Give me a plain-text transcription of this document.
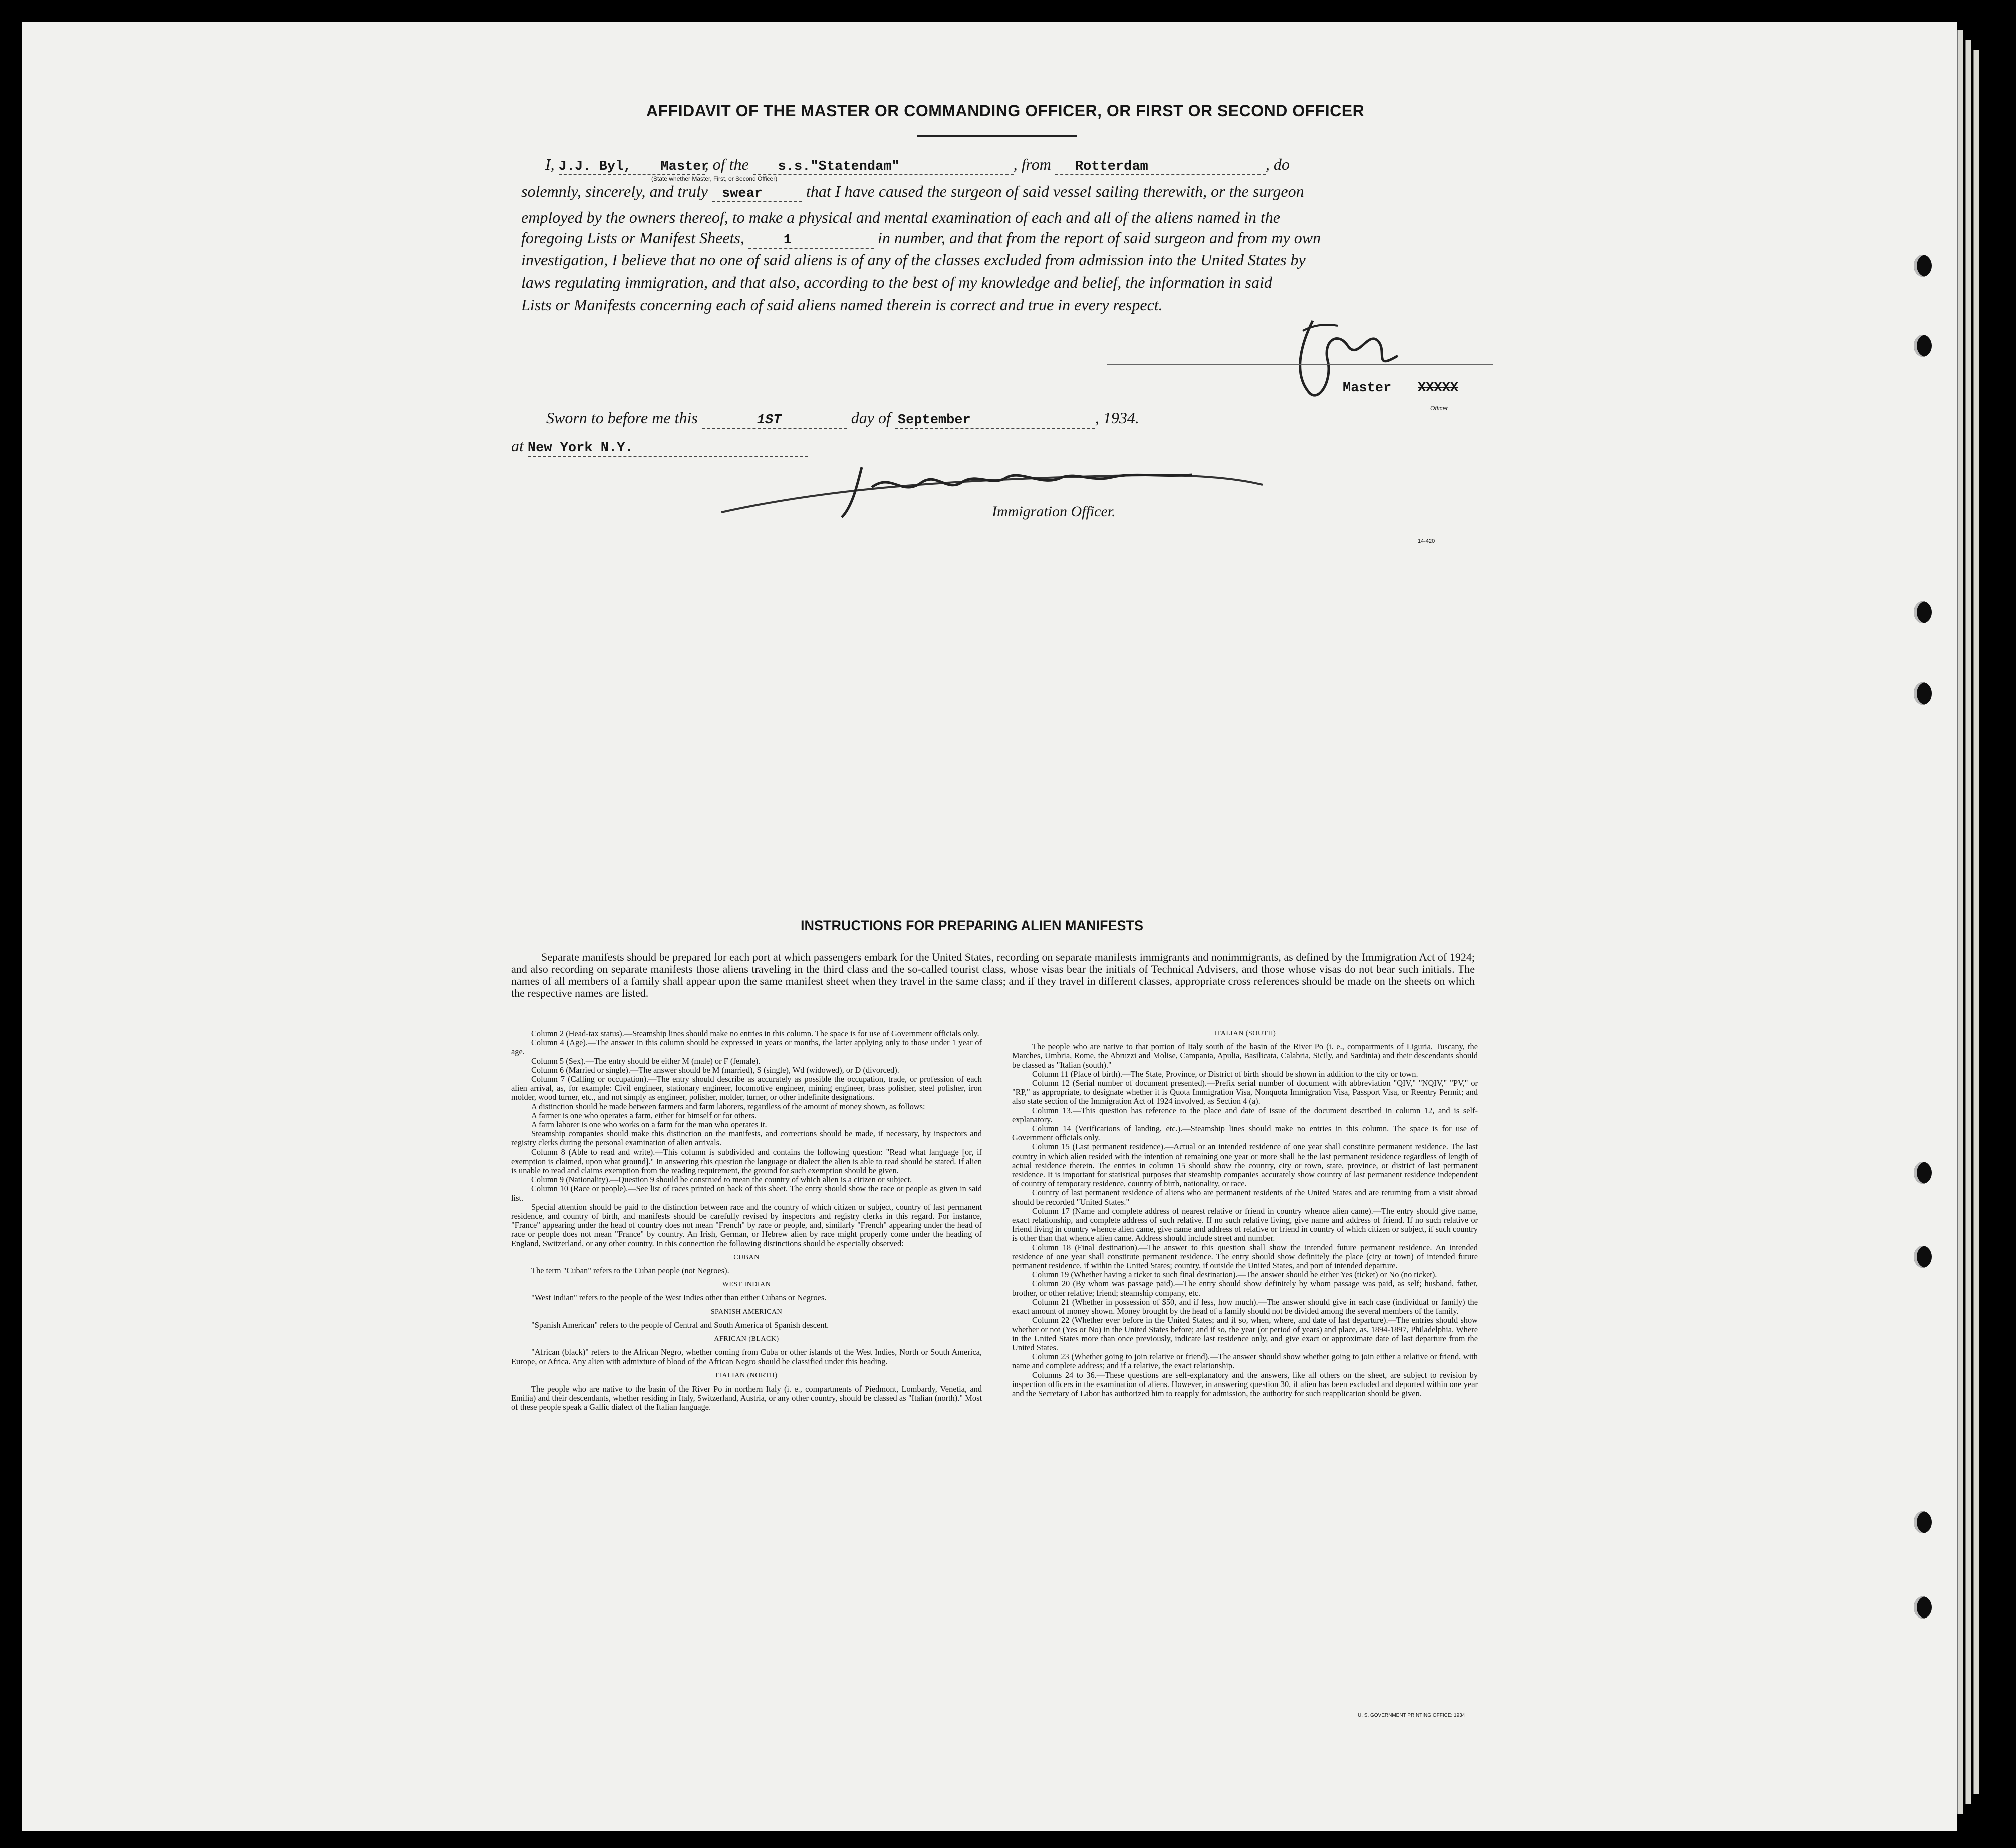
AFFIDAVIT OF THE MASTER OR COMMANDING OFFICER, OR FIRST OR SECOND OFFICER
I, J.J. Byl, Master, of the s.s."Statendam"	, from Rotterdam	, do
(State whether Master, First, or Second Officer)
solemnly, sincerely, and truly swear	that I have caused the surgeon of said vessel sailing therewith, or the surgeon
employed by the owners thereof, to make a physical and mental examination of each and all of the aliens named in the
foregoing Lists or Manifest Sheets,	1	in number, and that from the report of said surgeon and from my own
investigation, I believe that no one of said aliens is of any of the classes excluded from admission into the United States by
laws regulating immigration, and that also, according to the best of my knowledge and belief, the information in said
Lists or Manifests concerning each of said aliens named therein is correct and true in every respect.
Master XXXXX
Officer
Sworn to before me this	1ST	day of September	, 1934.
at New York N.Y.
Immigration Officer.
14-420
INSTRUCTIONS FOR PREPARING ALIEN MANIFESTS
Separate manifests should be prepared for each port at which passengers embark for the United States, recording on separate manifests immigrants and nonimmigrants, as defined by the Immigration Act of 1924; and also recording on separate manifests those aliens traveling in the third class and the so-called tourist class, whose visas bear the initials of Technical Advisers, and those whose visas do not bear such initials. The names of all members of a family shall appear upon the same manifest sheet when they travel in the same class; and if they travel in different classes, appropriate cross references should be made on the sheets on which the respective names are listed.

Column 2 (Head-tax status).—Steamship lines should make no entries in this column. The space is for use of Government officials only.

Column 4 (Age).—The answer in this column should be expressed in years or months, the latter applying only to those under 1 year of age.

Column 5 (Sex).—The entry should be either M (male) or F (female).

Column 6 (Married or single).—The answer should be M (married), S (single), Wd (widowed), or D (divorced).

Column 7 (Calling or occupation).—The entry should describe as accurately as possible the occupation, trade, or profession of each alien arrival, as, for example: Civil engineer, stationary engineer, locomotive engineer, mining engineer, brass polisher, steel polisher, iron molder, wood turner, etc., and not simply as engineer, polisher, molder, turner, or other indefinite designations.

A distinction should be made between farmers and farm laborers, regardless of the amount of money shown, as follows:

A farmer is one who operates a farm, either for himself or for others.

A farm laborer is one who works on a farm for the man who operates it.

Steamship companies should make this distinction on the manifests, and corrections should be made, if necessary, by inspectors and registry clerks during the personal examination of alien arrivals.

Column 8 (Able to read and write).—This column is subdivided and contains the following question: "Read what language [or, if exemption is claimed, upon what ground]." In answering this question the language or dialect the alien is able to read should be stated. If alien is unable to read and claims exemption from the reading requirement, the ground for such exemption should be given.

Column 9 (Nationality).—Question 9 should be construed to mean the country of which alien is a citizen or subject.

Column 10 (Race or people).—See list of races printed on back of this sheet. The entry should show the race or people as given in said list.

Special attention should be paid to the distinction between race and the country of which citizen or subject, country of last permanent residence, and country of birth, and manifests should be carefully revised by inspectors and registry clerks in this regard. For instance, "France" appearing under the head of country does not mean "French" by race or people, and, similarly "French" appearing under the head of race or people does not mean "France" by country. An Irish, German, or Hebrew alien by race might properly come under the heading of England, Switzerland, or any other country. In this connection the following distinctions should be especially observed:

CUBAN

The term "Cuban" refers to the Cuban people (not Negroes).

WEST INDIAN

"West Indian" refers to the people of the West Indies other than either Cubans or Negroes.

SPANISH AMERICAN

"Spanish American" refers to the people of Central and South America of Spanish descent.

AFRICAN (BLACK)

"African (black)" refers to the African Negro, whether coming from Cuba or other islands of the West Indies, North or South America, Europe, or Africa. Any alien with admixture of blood of the African Negro should be classified under this heading.

ITALIAN (NORTH)

The people who are native to the basin of the River Po in northern Italy (i. e., compartments of Piedmont, Lombardy, Venetia, and Emilia) and their descendants, whether residing in Italy, Switzerland, Austria, or any other country, should be classed as "Italian (north)." Most of these people speak a Gallic dialect of the Italian language.

ITALIAN (SOUTH)

The people who are native to that portion of Italy south of the basin of the River Po (i. e., compartments of Liguria, Tuscany, the Marches, Umbria, Rome, the Abruzzi and Molise, Campania, Apulia, Basilicata, Calabria, Sicily, and Sardinia) and their descendants should be classed as "Italian (south)."

Column 11 (Place of birth).—The State, Province, or District of birth should be shown in addition to the city or town.

Column 12 (Serial number of document presented).—Prefix serial number of document with abbreviation "QIV," "NQIV," "PV," or "RP," as appropriate, to designate whether it is Quota Immigration Visa, Nonquota Immigration Visa, Passport Visa, or Reentry Permit; and also state section of the Immigration Act of 1924 involved, as Section 4 (a).

Column 13.—This question has reference to the place and date of issue of the document described in column 12, and is self-explanatory.

Column 14 (Verifications of landing, etc.).—Steamship lines should make no entries in this column. The space is for use of Government officials only.

Column 15 (Last permanent residence).—Actual or an intended residence of one year shall constitute permanent residence. The last country in which alien resided with the intention of remaining one year or more shall be the last permanent residence regardless of length of actual residence therein. The entries in column 15 should show the country, city or town, state, province, or district of last permanent residence. It is important for statistical purposes that steamship companies accurately show country of last permanent residence independent of country of temporary residence, country of birth, nationality, or race.

Country of last permanent residence of aliens who are permanent residents of the United States and are returning from a visit abroad should be recorded "United States."

Column 17 (Name and complete address of nearest relative or friend in country whence alien came).—The entry should give name, exact relationship, and complete address of such relative. If no such relative living, give name and address of friend. If no such relative or friend living in country whence alien came, give name and address of relative or friend in country of which citizen or subject, if such country is other than that whence alien came. Address should include street and number.

Column 18 (Final destination).—The answer to this question shall show the intended future permanent residence. An intended residence of one year shall constitute permanent residence. The entry should show definitely the place (city or town) of intended future permanent residence, if within the United States; country, if outside the United States, and port of intended departure.

Column 19 (Whether having a ticket to such final destination).—The answer should be either Yes (ticket) or No (no ticket).

Column 20 (By whom was passage paid).—The entry should show definitely by whom passage was paid, as self; husband, father, brother, or other relative; friend; steamship company, etc.

Column 21 (Whether in possession of $50, and if less, how much).—The answer should give in each case (individual or family) the exact amount of money shown. Money brought by the head of a family should not be divided among the several members of the family.

Column 22 (Whether ever before in the United States; and if so, when, where, and date of last departure).—The entries should show whether or not (Yes or No) in the United States before; and if so, the year (or period of years) and place, as, 1894-1897, Philadelphia. Where in the United States more than once previously, indicate last residence only, and give exact or approximate date of last departure from the United States.

Column 23 (Whether going to join relative or friend).—The answer should show whether going to join either a relative or friend, with name and complete address; and if a relative, the exact relationship.

Columns 24 to 36.—These questions are self-explanatory and the answers, like all others on the sheet, are subject to revision by inspection officers in the examination of aliens. However, in answering question 30, if alien has been excluded and deported within one year and the Secretary of Labor has authorized him to reapply for admission, the authority for such reapplication should be given.

U. S. GOVERNMENT PRINTING OFFICE: 1934
